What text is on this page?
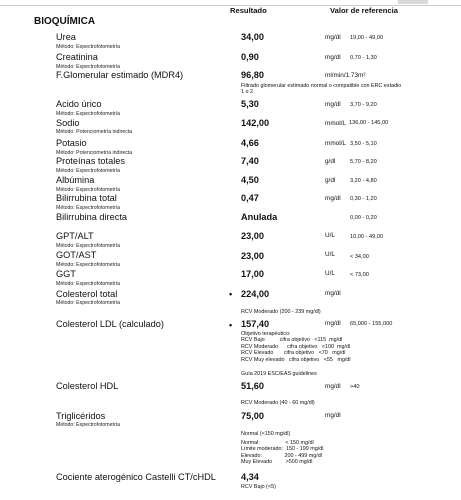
Resultado	Valor de referencia
BIOQUÍMICA
Urea
Método: Espectrofotometría
34,00	mg/dl 19,00 - 49,00
Creatinina
Método: Espectrofotometría
0,90	mg/dl 0,70 - 1,30
F.Glomerular estimado (MDR4)	96,80	ml/min/1.73m²
Filtrado glomerular estimado normal o compatible con ERC estadio
1 o 2
Acido úrico
Método: Espectrofotometría
5,30	mg/dl 3,70 - 9,20
Sodio
Método: Potenciometría indirecta
142,00	mmol/L 136,00 - 145,00
Potasio
Método: Potenciometría indirecta
4,66	mmol/L 3,50 - 5,10
Proteínas totales
Método: Espectrofotometría
7,40	g/dl	5,70 - 8,20
Albúmina
Método: Espectrofotometría
4,50	g/dl	3,20 - 4,80
Bilirrubina total
Método: Espectrofotometría
0,47	mg/dl 0,30 - 1,20
Bilirrubina directa	Anulada	0,00 - 0,20
GPT/ALT
Método: Espectrofotometría
23,00	U/L	10,00 - 49,00
GOT/AST
Método: Espectrofotometría
23,00	U/L	< 34,00
GGT
Método: Espectrofotometría
17,00	U/L	< 73,00
Colesterol total
Método: Espectrofotometría
• 224,00	mg/dl
RCV Moderado (200 - 239 mg/dl)
Colesterol LDL (calculado)	• 157,40	mg/dl 65,000 - 155,000
Objetivo terapéutico:
RCV Bajo          cifra objetivo   <115  mg/dl
RCV Moderado      cifra objetivo   <100  mg/dl
RCV Elevado       cifra objetivo   <70   mg/dl
RCV Muy elevado   cifra objetivo   <55   mg/dl
Guía 2019 ESC/EAS guidelines
Colesterol HDL	51,60	mg/dl >40
RCV Moderado (40 - 60 mg/dl)
Triglicéridos
Método: Espectrofotometría
75,00	mg/dl
Normal (<150 mg/dl)
Normal:                 < 150 mg/dl
Límite moderado:  150 - 199 mg/dl
Elevado:               200 - 499 mg/dl
Muy Elevado         >500 mg/dl
Cociente aterogénico Castelli CT/cHDL	4,34
RCV Bajo (<5)
